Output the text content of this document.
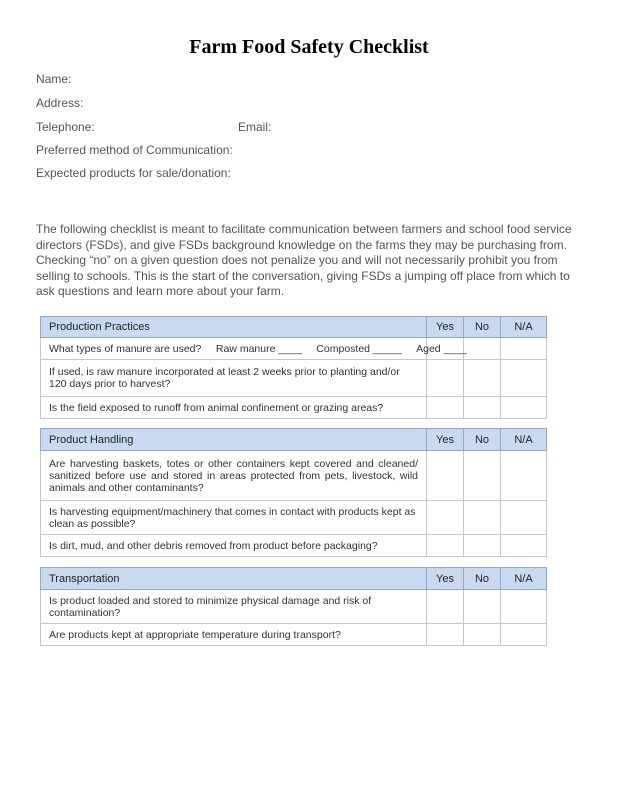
Farm Food Safety Checklist
Name:
Address:
Telephone:	Email:
Preferred method of Communication:
Expected products for sale/donation:
The following checklist is meant to facilitate communication between farmers and school food service directors (FSDs), and give FSDs background knowledge on the farms they may be purchasing from. Checking “no” on a given question does not penalize you and will not necessarily prohibit you from selling to schools. This is the start of the conversation, giving FSDs a jumping off place from which to ask questions and learn more about your farm.
Production Practices	Yes	No	N/A
What types of manure are used?     Raw manure ____     Composted _____     Aged ____			
If used, is raw manure incorporated at least 2 weeks prior to planting and/or 120 days prior to harvest?			
Is the field exposed to runoff from animal confinement or grazing areas?			
Product Handling	Yes	No	N/A
Are harvesting baskets, totes or other containers kept covered and cleaned/ sanitized before use and stored in areas protected from pets, livestock, wild animals and other contaminants?			
Is harvesting equipment/machinery that comes in contact with products kept as clean as possible?			
Is dirt, mud, and other debris removed from product before packaging?			
Transportation	Yes	No	N/A
Is product loaded and stored to minimize physical damage and risk of contamination?			
Are products kept at appropriate temperature during transport?			
